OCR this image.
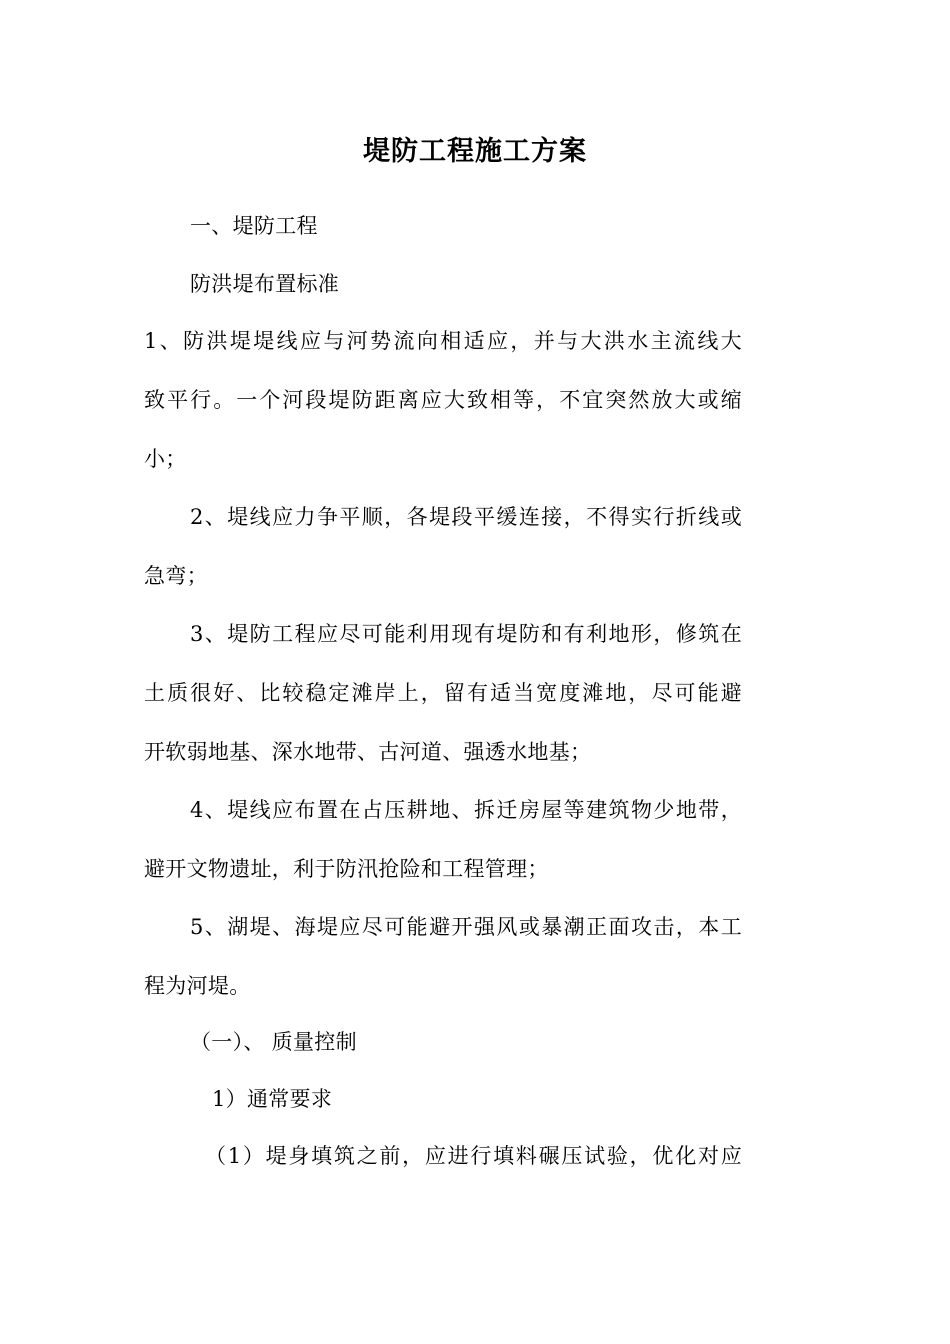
堤防工程施工方案
一、堤防工程
防洪堤布置标准
1、防洪堤堤线应与河势流向相适应，并与大洪水主流线大
致平行。一个河段堤防距离应大致相等，不宜突然放大或缩
小；
2、堤线应力争平顺，各堤段平缓连接，不得实行折线或
急弯；
3、堤防工程应尽可能利用现有堤防和有利地形，修筑在
土质很好、比较稳定滩岸上，留有适当宽度滩地，尽可能避
开软弱地基、深水地带、古河道、强透水地基；
4、堤线应布置在占压耕地、拆迁房屋等建筑物少地带，
避开文物遗址，利于防汛抢险和工程管理；
5、湖堤、海堤应尽可能避开强风或暴潮正面攻击，本工
程为河堤。
（一）、 质量控制
1）通常要求
（1）堤身填筑之前，应进行填料碾压试验，优化对应
